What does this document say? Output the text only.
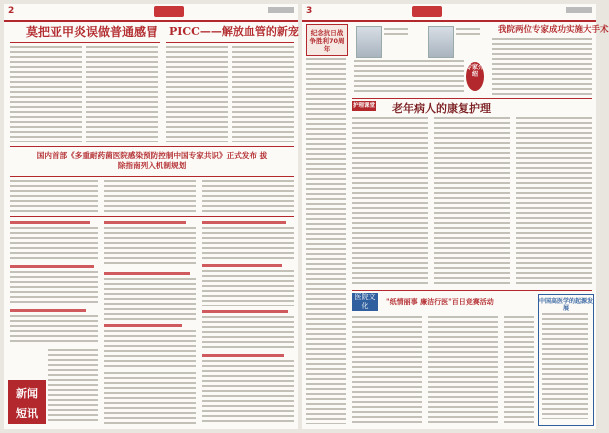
2
莫把亚甲炎误做普通感冒 PICC——解放血管的新宠
国内首部《多重耐药菌医院感染预防控制中国专家共识》正式发布 拔除指南列入机制规划
新闻
短讯
3
纪念抗日战争胜利70周年
专家介绍
我院两位专家成功实施大手术
护理课堂 老年病人的康复护理
医院文化	"纸情丽事 廉洁行医"百日竞赛活动	中国高医学的起源发展
